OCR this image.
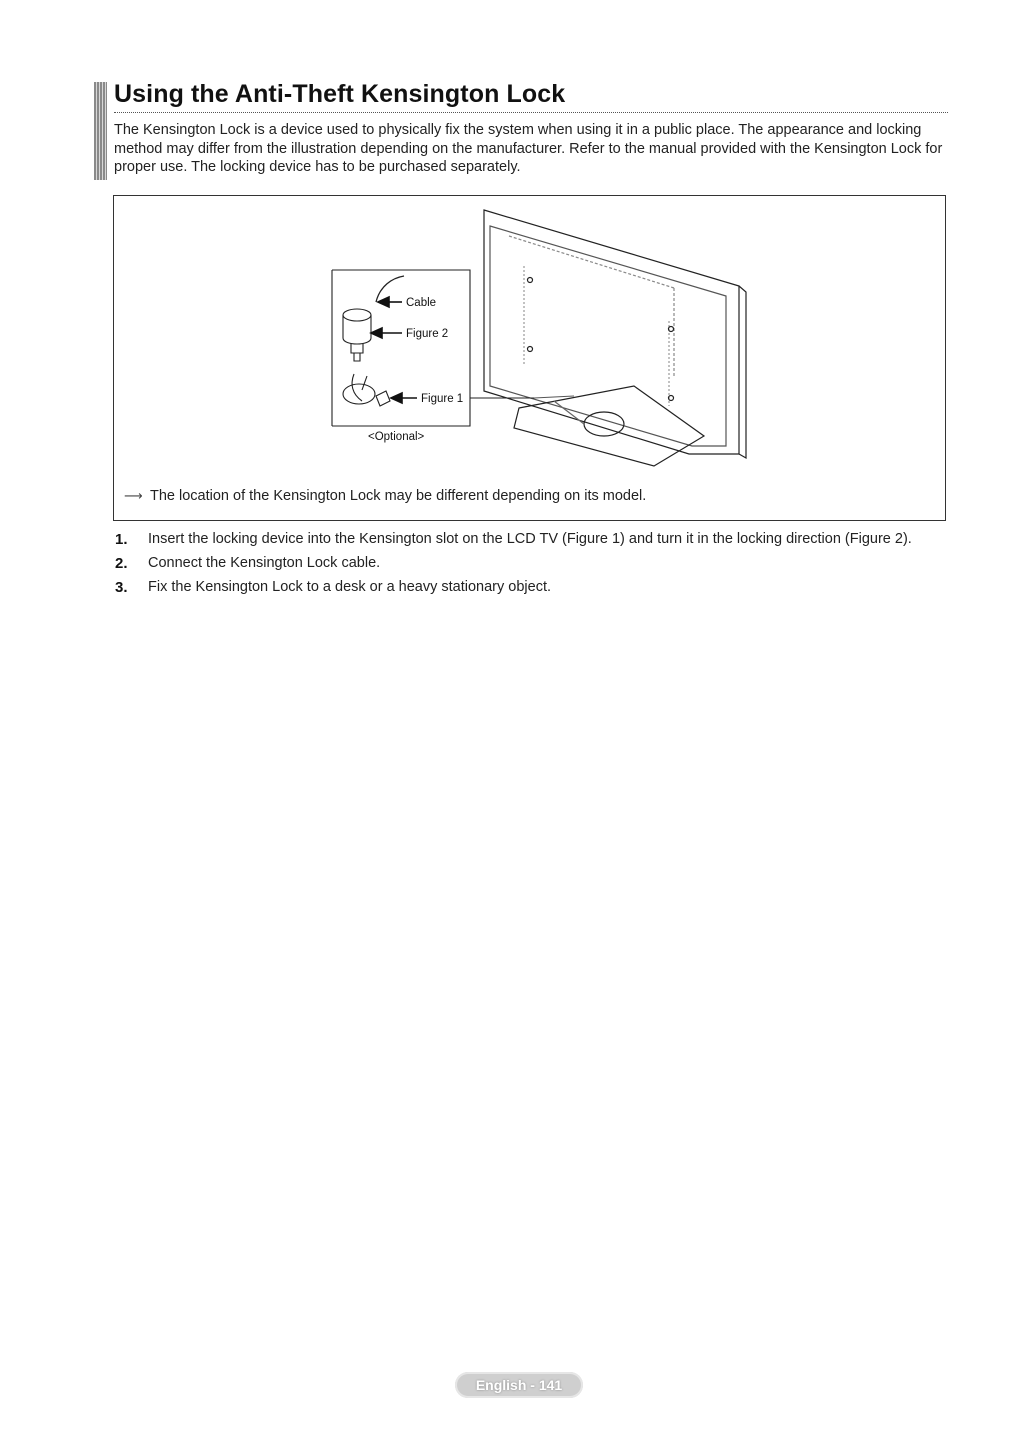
Using the Anti-Theft Kensington Lock

The Kensington Lock is a device used to physically fix the system when using it in a public place. The appearance and locking method may differ from the illustration depending on the manufacturer. Refer to the manual provided with the Kensington Lock for proper use. The locking device has to be purchased separately.

Cable
Figure 2
Figure 1
<Optional>
⟶ The location of the Kensington Lock may be different depending on its model.
1. Insert the locking device into the Kensington slot on the LCD TV (Figure 1) and turn it in the locking direction (Figure 2).
2. Connect the Kensington Lock cable.
3. Fix the Kensington Lock to a desk or a heavy stationary object.
English - 141
